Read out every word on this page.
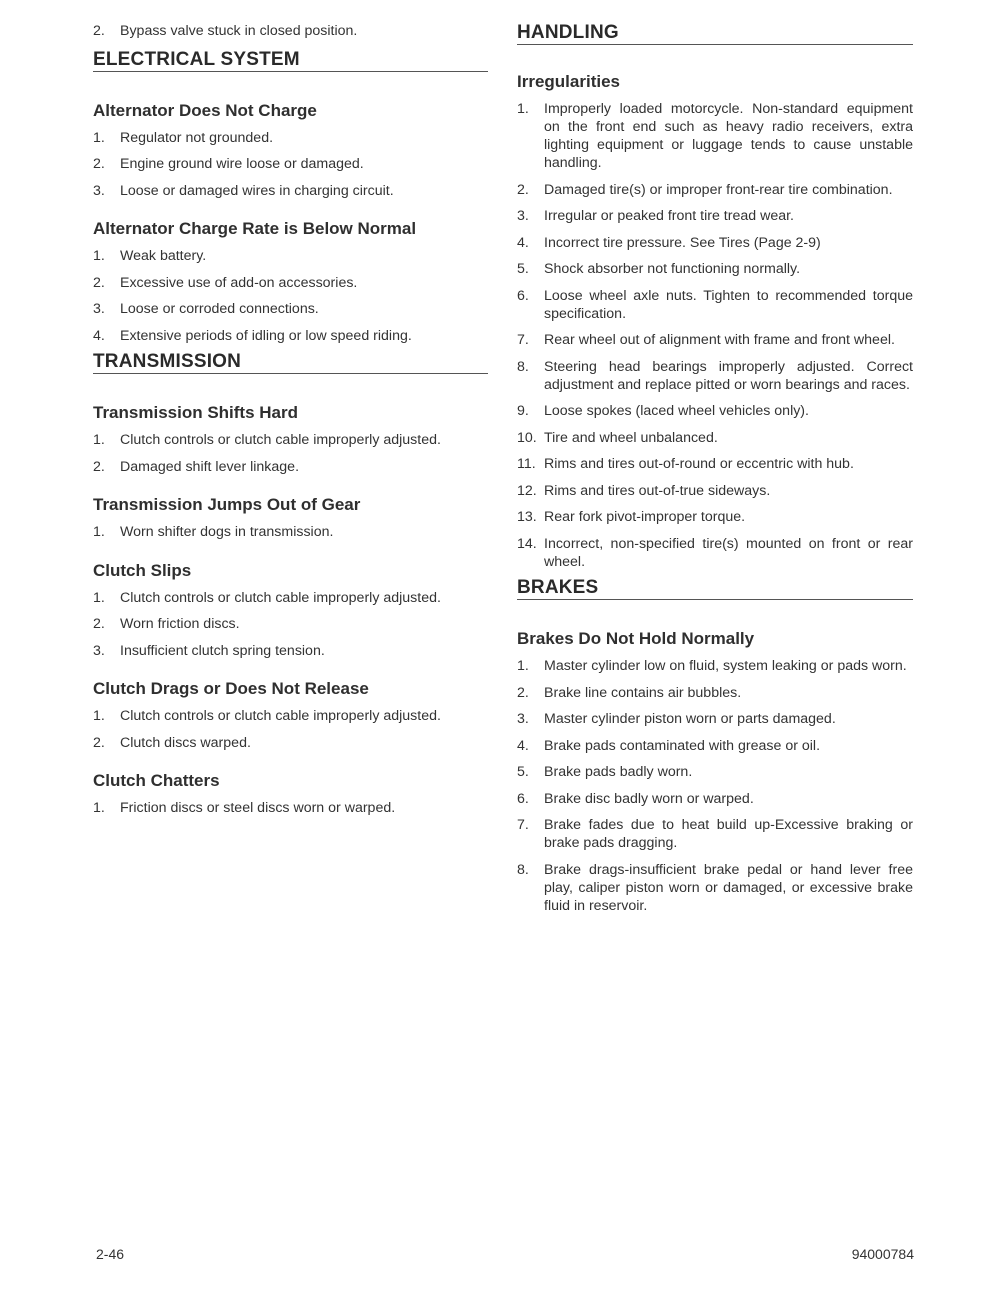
2.	Bypass valve stuck in closed position.
ELECTRICAL SYSTEM
Alternator Does Not Charge
1.	Regulator not grounded.
2.	Engine ground wire loose or damaged.
3.	Loose or damaged wires in charging circuit.
Alternator Charge Rate is Below Normal
1.	Weak battery.
2.	Excessive use of add-on accessories.
3.	Loose or corroded connections.
4.	Extensive periods of idling or low speed riding.
TRANSMISSION
Transmission Shifts Hard
1.	Clutch controls or clutch cable improperly adjusted.
2.	Damaged shift lever linkage.
Transmission Jumps Out of Gear
1.	Worn shifter dogs in transmission.
Clutch Slips
1.	Clutch controls or clutch cable improperly adjusted.
2.	Worn friction discs.
3.	Insufficient clutch spring tension.
Clutch Drags or Does Not Release
1.	Clutch controls or clutch cable improperly adjusted.
2.	Clutch discs warped.
Clutch Chatters
1.	Friction discs or steel discs worn or warped.
HANDLING
Irregularities
1.	Improperly loaded motorcycle. Non-standard equipment on the front end such as heavy radio receivers, extra lighting equipment or luggage tends to cause unstable handling.
2.	Damaged tire(s) or improper front-rear tire combination.
3.	Irregular or peaked front tire tread wear.
4.	Incorrect tire pressure. See Tires (Page 2-9)
5.	Shock absorber not functioning normally.
6.	Loose wheel axle nuts. Tighten to recommended torque specification.
7.	Rear wheel out of alignment with frame and front wheel.
8.	Steering head bearings improperly adjusted. Correct adjustment and replace pitted or worn bearings and races.
9.	Loose spokes (laced wheel vehicles only).
10. Tire and wheel unbalanced.
11. Rims and tires out-of-round or eccentric with hub.
12. Rims and tires out-of-true sideways.
13. Rear fork pivot-improper torque.
14. Incorrect, non-specified tire(s) mounted on front or rear wheel.
BRAKES
Brakes Do Not Hold Normally
1.	Master cylinder low on fluid, system leaking or pads worn.
2.	Brake line contains air bubbles.
3.	Master cylinder piston worn or parts damaged.
4.	Brake pads contaminated with grease or oil.
5.	Brake pads badly worn.
6.	Brake disc badly worn or warped.
7.	Brake fades due to heat build up-Excessive braking or brake pads dragging.
8.	Brake drags-insufficient brake pedal or hand lever free play, caliper piston worn or damaged, or excessive brake fluid in reservoir.
2-46	94000784
